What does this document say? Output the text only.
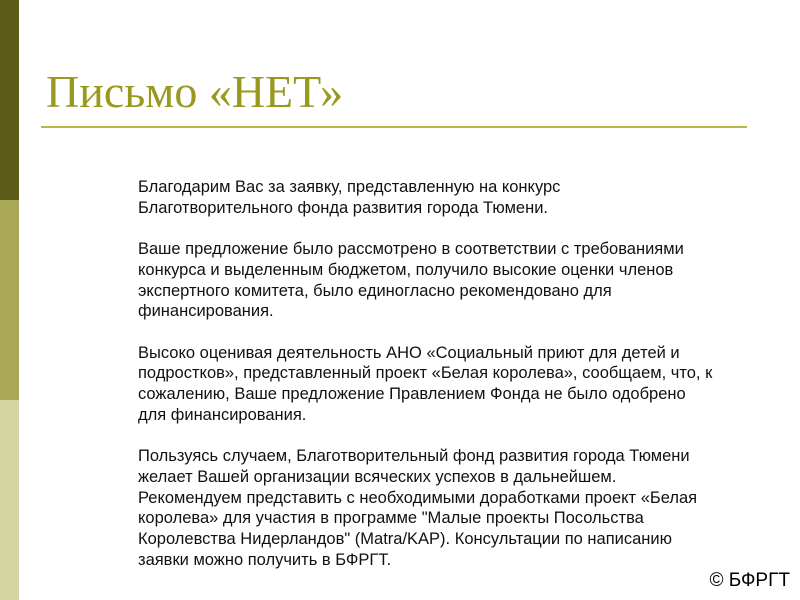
Письмо «НЕТ»

Благодарим Вас за заявку, представленную на конкурс
Благотворительного фонда развития города Тюмени.

Ваше предложение было рассмотрено в соответствии с требованиями
конкурса и выделенным бюджетом, получило высокие оценки членов
экспертного комитета, было единогласно рекомендовано для
финансирования.

Высоко оценивая деятельность АНО «Социальный приют для детей и
подростков», представленный проект «Белая королева», сообщаем, что, к
сожалению, Ваше предложение Правлением Фонда не было одобрено
для финансирования.

Пользуясь случаем, Благотворительный фонд развития города Тюмени
желает Вашей организации всяческих успехов в дальнейшем.
Рекомендуем представить с необходимыми доработками проект «Белая
королева» для участия в программе "Малые проекты Посольства
Королевства Нидерландов" (Matra/KAP). Консультации по написанию
заявки можно получить в БФРГТ.

© БФРГТ
